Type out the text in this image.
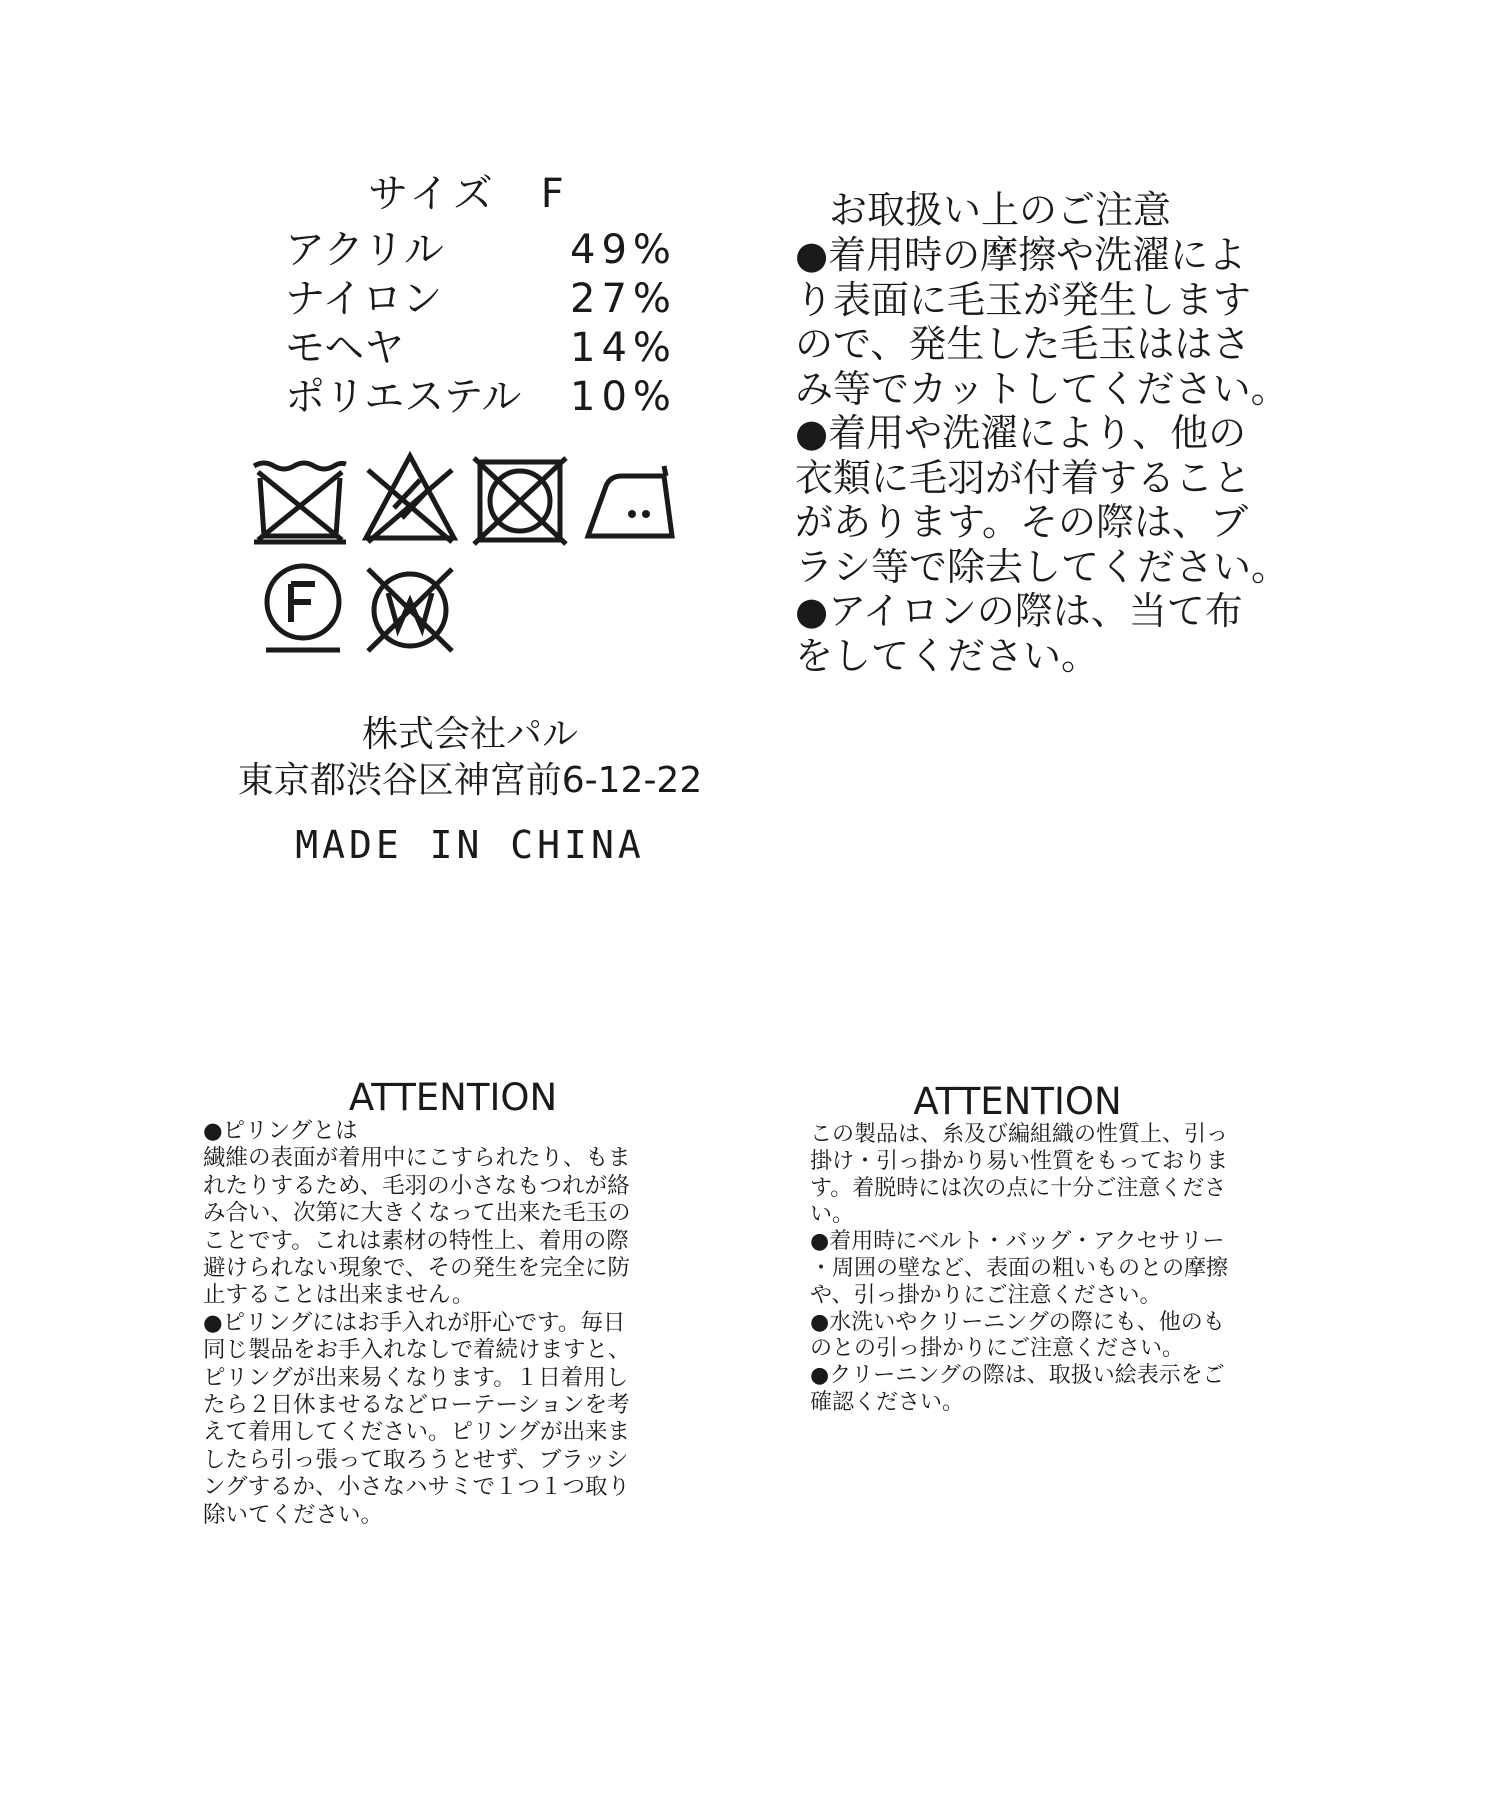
サイズ　F
アクリル	49%
ナイロン	27%
モヘヤ	14%
ポリエステル 10%
株式会社パル
東京都渋谷区神宮前6-12-22
MADE IN CHINA
お取扱い上のご注意
●着用時の摩擦や洗濯によ
り表面に毛玉が発生します
ので、発生した毛玉ははさ
み等でカットしてください。
●着用や洗濯により、他の
衣類に毛羽が付着すること
があります。その際は、ブ
ラシ等で除去してください。
●アイロンの際は、当て布
をしてください。
ATTENTION
●ピリングとは
繊維の表面が着用中にこすられたり、もま
れたりするため、毛羽の小さなもつれが絡
み合い、次第に大きくなって出来た毛玉の
ことです。これは素材の特性上、着用の際
避けられない現象で、その発生を完全に防
止することは出来ません。
●ピリングにはお手入れが肝心です。毎日
同じ製品をお手入れなしで着続けますと、
ピリングが出来易くなります。１日着用し
たら２日休ませるなどローテーションを考
えて着用してください。ピリングが出来ま
したら引っ張って取ろうとせず、ブラッシ
ングするか、小さなハサミで１つ１つ取り
除いてください。
ATTENTION
この製品は、糸及び編組織の性質上、引っ
掛け・引っ掛かり易い性質をもっておりま
す。着脱時には次の点に十分ご注意くださ
い。
●着用時にベルト・バッグ・アクセサリー
・周囲の壁など、表面の粗いものとの摩擦
や、引っ掛かりにご注意ください。
●水洗いやクリーニングの際にも、他のも
のとの引っ掛かりにご注意ください。
●クリーニングの際は、取扱い絵表示をご
確認ください。
